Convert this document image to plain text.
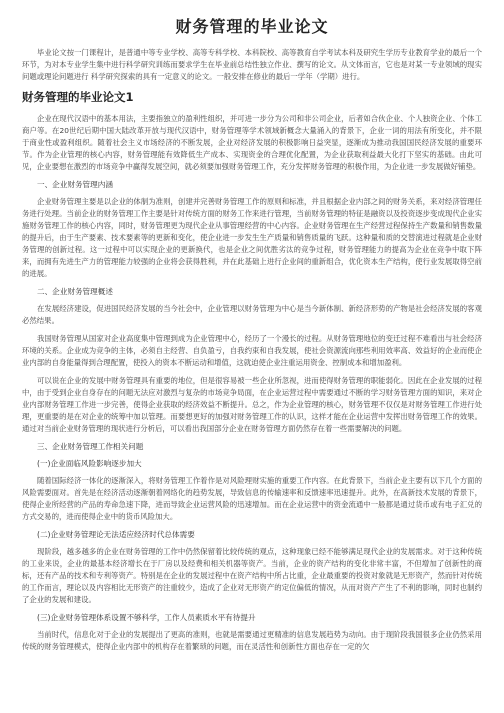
财务管理的毕业论文

毕业论文按一门课程计，是普通中等专业学校、高等专科学校、本科院校、高等教育自学考试本科及研究生学历专业教育学业的最后一个环节，为对本专业学生集中进行科学研究训练而要求学生在毕业前总结性独立作业、撰写的论文。从文体而言，它也是对某一专业领域的现实问题或理论问题进行 科学研究探索的具有一定意义的论文。一般安排在修业的最后一学年（学期）进行。

财务管理的毕业论文1

企业在现代汉语中的基本用法，主要指独立的盈利性组织，并可进一步分为公司和非公司企业，后者如合伙企业、个人独资企业、个体工商户等。在20世纪后期中国大陆改革开放与现代汉语中，财务管理等学术领域新概念大量涌入的背景下，企业一词的用法有所变化，并不限于商业性或盈利组织。随着社会主义市场经济的不断发展，企业对经济发展的积极影响日益突显，逐渐成为推动我国国民经济发展的重要环节。作为企业管理的核心内容，财务管理能有效降低生产成本、实现资金的合理优化配置，为企业获取利益最大化打下坚实的基础。由此可见，企业要想在激烈的市场竞争中赢得发展空间，就必须要加强财务管理工作，充分发挥财务管理的积极作用，为企业进一步发展做好铺垫。

一、企业财务管理内涵

企业财务管理主要是以企业的体制为准则，创建并完善财务管理工作的原则和标准，并且根据企业内部之间的财务关系，来对经济管理任务进行处理。当前企业的财务管理工作主要是针对传统方面的财务工作来进行管理，当前财务管理的特征是融资以及投资逐步变成现代企业实施财务管理工作的核心内容，同时，财务管理更为现代企业从事管理经营的中心内容。企业财务管理在生产经营过程保持生产数量和销售数量的提升后，由于生产要素、技术要素等的更新和变化，使企业进一步发生生产质量和销售质量的飞跃。这种量和质的交替演进过程就是企业财务管理的创新过程。这一过程中可以实现企业的更新换代，也是企业之间优胜劣汰的竞争过程，财务管理能力的提高为企业在竞争中取下阵来，而拥有先进生产力的管理能力较强的企业将会获得胜利，并在此基础上进行企业间的重新组合，优化资本生产结构，使行业发展取得空前的进展。

二、企业财务管理概述

在发展经济建设，促进国民经济发展的当今社会中，企业管理以财务管理为中心是当今新体制、新经济形势的产物是社会经济发展的客观必然结果。

我国财务管理从国家对企业高度集中管理到成为企业管理中心，经历了一个漫长的过程。从财务管理地位的变迁过程不难看出与社会经济环境的关系。企业成为竞争的主体，必须自主经营、自负盈亏，自我约束和自我发展，使社会资源流向那些利用效率高、效益好的企业而使企业内部的自身能量得到合理配置，使投入的资本不断运动和增值，这就迫使企业注重运用资金、控制成本和增加盈利。

可以说在企业的发展中财务管理具有重要的地位，但是很容易被一些企业所忽视，进而使得财务管理的职能弱化。因此在企业发展的过程中，由于受到企业自身存在的问题无法应对激烈与复杂的市场竞争局面，在企业运营过程中需要通过不断的学习财务管理方面的知识，来对企业内部财务管理工作进一步完善，使得企业获取的经济效益不断提升。总之，作为企业管理的核心，财务管理不仅仅是对财务管理工作进行处理，更重要的是在对企业的统筹中加以管理。而要想更好的加强对财务管理工作的认识，这样才能在企业运营中发挥出财务管理工作的效果。通过对当前企业财务管理的现状进行分析后，可以看出我国部分企业在财务管理方面仍然存在着一些需要解决的问题。

三、企业财务管理工作相关问题

(一)企业面临风险影响逐步加大

随着国际经济一体化的逐渐深入，将财务管理工作着作是对风险理财实施的重要工作内容。在此背景下，当前企业主要有以下几个方面的风险需要面对。首先是在经济活动逐渐朝着网络化的趋势发展，导致信息的传输速率和反馈速率迅速提升。此外，在高新技术发展的背景下，使得企业所经营的产品的寿命急速下降，进而导致企业运营风险的迅速增加。而在企业运营中的资金流通中一般都是通过货币或有电子汇兑的方式交易的，进而使得企业中的货币风险加大。

(二)企业财务管理论无法适应经济时代总体需要

现阶段，越多越多的企业在财务管理的工作中仍然保留着比较传统的观点，这种现象已经不能够满足现代企业的发展需求。对于这种传统的工业来说，企业的最基本经济增长在于厂房以及经费和相关机器等资产。当前，企业的资产结构的变化非常丰富，不但增加了创新性的商标，还有产品的技术和专利等资产。特别是在企业的发展过程中在资产结构中所占比重，企业最重要的投资对象就是无形资产，然而针对传统的工作而言，理论以及内容相比无形资产的注重较少，造成了企业对无形资产的定位偏低的情况，从而对资产产生了不利的影响，同时也制约了企业的发展和建设。

(三)企业财务管理体系设置不够科学，工作人员素质水平有待提升

当前时代，信息化对于企业的发展提出了更高的准则，也就是需要通过更精准的信息发展趋势为动向。由于现阶段我国很多企业仍然采用传统的财务管理模式，使得企业内部中的机构存在着繁琐的问题，而在灵活性和创新性方面也存在一定的欠
